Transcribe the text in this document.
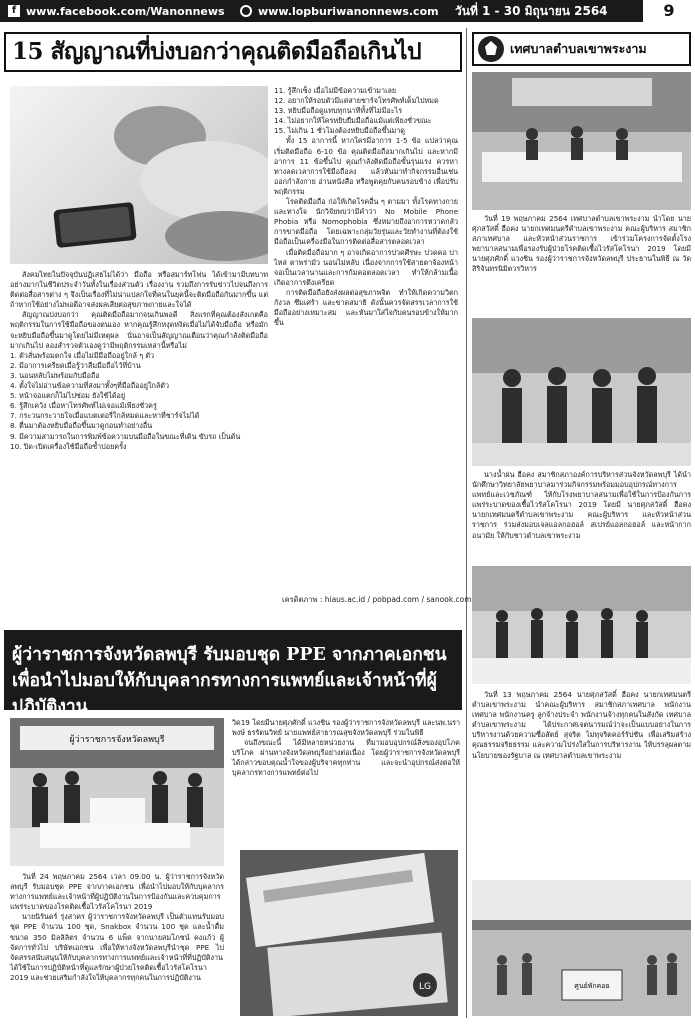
f www.facebook.com/Wanonnews	www.lopburiwanonnews.com วันที่ 1 - 30 มิถุนายน 2564	9
15 สัญญาณที่บ่งบอกว่าคุณติดมือถือเกินไป

สังคมไทยในปัจจุบันปฏิเสธไม่ได้ว่า มือถือ หรือสมาร์ทโฟน ได้เข้ามามีบทบาทอย่างมากในชีวิตประจำวันทั้งในเรื่องส่วนตัว เรื่องงาน รวมถึงการรับข่าวไปจนถึงการติดต่อสื่อสารต่าง ๆ จึงเป็นเรื่องที่ไม่น่าแปลกใจที่คนในยุคนี้จะติดมือถือกันมากขึ้น แต่ถ้าหากใช้อย่างไม่พอดีอาจส่งผลเสียต่อสุขภาพกายและใจได้

สัญญาณบ่งบอกว่า คุณติดมือถือมากจนเกินพอดี สิ่งแรกที่คุณต้องสังเกตคือพฤติกรรมในการใช้มือถือของตนเอง หากคุณรู้สึกหงุดหงิดเมื่อไม่ได้จับมือถือ หรือมักจะหยิบมือถือขึ้นมาดูโดยไม่มีเหตุผล นั่นอาจเป็นสัญญาณเตือนว่าคุณกำลังติดมือถือมากเกินไป ลองสำรวจตัวเองดูว่ามีพฤติกรรมเหล่านี้หรือไม่

1. ตัวสั่นพร้อมตกใจ เมื่อไม่มีมือถืออยู่ใกล้ ๆ ตัว

2. มีอาการเครียดเมื่อรู้ว่าลืมมือถือไว้ที่บ้าน

3. นอนหลับไม่พร้อมกับมือถือ

4. ตั้งใจไม่อ่านข้อความที่ส่งมาทั้งๆที่มือถืออยู่ใกล้ตัว

5. หน้าจอแตกก็ไม่ไปซ่อม ยังใช้ได้อยู่

6. รู้สึกเคว้ง เมื่อหาโทรศัพท์ไม่เจอแม้เพียงชั่วครู่

7. กระวนกระวายใจเมื่อแบตเตอรี่ใกล้หมดและหาที่ชาร์จไม่ได้

8. ตื่นมาต้องหยิบมือถือขึ้นมาดูก่อนทำอย่างอื่น

9. มีความสามารถในการพิมพ์ข้อความบนมือถือในขณะที่เดิน ขับรถ เป็นต้น

10. ปิด-เปิดเครื่องใช้มือถือซ้ำบ่อยครั้ง

11. รู้สึกเซ็ง เมื่อไม่มีข้อความเข้ามาเลย

12. อยากให้รอบตัวมีแต่สายชาร์จโทรศัพท์เต็มไปหมด

13. หยิบมือถือดูแทบทุกนาทีทั้งที่ไม่มีอะไร

14. ไม่อยากให้ใครหยิบยืมมือถือแม้แต่เพียงชั่วขณะ

15. ไม่เกิน 1 ชั่วโมงต้องหยิบมือถือขึ้นมาดู

ทั้ง 15 อาการนี้ หากใครมีอาการ 1-5 ข้อ แปลว่าคุณเริ่มติดมือถือ 6-10 ข้อ คุณติดมือถือมากเกินไป และหากมีอาการ 11 ข้อขึ้นไป คุณกำลังติดมือถือขั้นรุนแรง ควรหาทางลดเวลาการใช้มือถือลง แล้วหันมาทำกิจกรรมอื่นเช่น ออกกำลังกาย อ่านหนังสือ หรือพูดคุยกับคนรอบข้าง เพื่อปรับพฤติกรรม

โรคติดมือถือ ก่อให้เกิดโรคอื่น ๆ ตามมา ทั้งโรคทางกายและทางใจ นักวิจัยพบว่ามีคำว่า No Mobile Phone Phobia หรือ Nomophobia ซึ่งหมายถึงอาการหวาดกลัวการขาดมือถือ โดยเฉพาะกลุ่มวัยรุ่นและวัยทำงานที่ต้องใช้มือถือเป็นเครื่องมือในการติดต่อสื่อสารตลอดเวลา

เมื่อติดมือถือมาก ๆ อาจเกิดอาการปวดศีรษะ ปวดคอ บ่า ไหล่ ตาพร่ามัว นอนไม่หลับ เนื่องจากการใช้สายตาจ้องหน้าจอเป็นเวลานานและการก้มคอตลอดเวลา ทำให้กล้ามเนื้อเกิดอาการตึงเครียด

การติดมือถือยังส่งผลต่อสุขภาพจิต ทำให้เกิดความวิตกกังวล ซึมเศร้า และขาดสมาธิ ดังนั้นควรจัดสรรเวลาการใช้มือถืออย่างเหมาะสม และหันมาใส่ใจกับคนรอบข้างให้มากขึ้น

เครดิตภาพ : hiaus.ac.id / pobpad.com / sanook.com
ผู้ว่าราชการจังหวัดลพบุรี รับมอบชุด PPE จากภาคเอกชน เพื่อนำไปมอบให้กับบุคลากรทางการแพทย์และเจ้าหน้าที่ผู้ปฏิบัติงาน
ผู้ว่าราชการจังหวัดลพบุรี

วันที่ 24 พฤษภาคม 2564 เวลา 09.00 น. ผู้ว่าราชการจังหวัดลพบุรี รับมอบชุด PPE จากภาคเอกชน เพื่อนำไปมอบให้กับบุคลากรทางการแพทย์และเจ้าหน้าที่ผู้ปฏิบัติงานในการป้องกันและควบคุมการแพร่ระบาดของโรคติดเชื้อไวรัสโคโรนา 2019

นายนิรันดร์ รุ่งสาคร ผู้ว่าราชการจังหวัดลพบุรี เป็นตัวแทนรับมอบชุด PPE จำนวน 100 ชุด, Snakbox จำนวน 100 ชุด และน้ำดื่ม ขนาด 350 มิลลิลิตร จำนวน 6 แพ็ค จากนายสมโภชน์ คงแก้ว ผู้จัดการทั่วไป บริษัทเอกชน เพื่อให้ทางจังหวัดลพบุรีนำชุด PPE ไปจัดสรรสนับสนุนให้กับบุคลากรทางการแพทย์และเจ้าหน้าที่ที่ปฏิบัติงาน ได้ใช้ในการปฏิบัติหน้าที่ดูแลรักษาผู้ป่วยโรคติดเชื้อไวรัสโคโรนา 2019 และช่วยเสริมกำลังใจให้บุคลากรทุกคนในการปฏิบัติงาน

วิด19 โดยมีนายศุภศักดิ์ แวงชิน รองผู้ว่าราชการจังหวัดลพบุรี และนพ.นราพงษ์ ธรรัตนวิทย์ นายแพทย์สาธารณสุขจังหวัดลพบุรี ร่วมในพิธี

จนถึงขณะนี้ ได้มีหลายหน่วยงาน ที่มามอบอุปกรณ์สิ่งของอุปโภคบริโภค ผ่านทางจังหวัดลพบุรีอย่างต่อเนื่อง โดยผู้ว่าราชการจังหวัดลพบุรี ได้กล่าวขอบคุณน้ำใจของผู้บริจาคทุกท่าน และจะนำอุปกรณ์ส่งต่อให้บุคลากรทางการแพทย์ต่อไป

LG
เทศบาลตำบลเขาพระงาม

วันที่ 19 พฤษภาคม 2564 เทศบาลตำบลเขาพระงาม นำโดย นายศุภสวัสดิ์ ฮือคง นายกเทศมนตรีตำบลเขาพระงาม คณะผู้บริหาร สมาชิกสภาเทศบาล และหัวหน้าส่วนราชการ เข้าร่วมโครงการจัดตั้งโรงพยาบาลสนามเพื่อรองรับผู้ป่วยโรคติดเชื้อไวรัสโคโรนา 2019 โดยมี นายศุภศักดิ์ แวงชิน รองผู้ว่าราชการจังหวัดลพบุรี ประธานในพิธี ณ วัดสิริจันทรนิมิตวรวิหาร

นางน้ำฝน ฮือคง สมาชิกสภาองค์การบริหารส่วนจังหวัดลพบุรี ได้นำนักศึกษาวิทยาลัยพยาบาลมาร่วมกิจกรรมพร้อมมอบอุปกรณ์ทางการแพทย์และเวชภัณฑ์ ให้กับโรงพยาบาลสนามเพื่อใช้ในการป้องกันการแพร่ระบาดของเชื้อไวรัสโคโรนา 2019 โดยมี นายศุภสวัสดิ์ ฮือคง นายกเทศมนตรีตำบลเขาพระงาม คณะผู้บริหาร และหัวหน้าส่วนราชการ ร่วมส่งมอบเจลแอลกอฮอล์ สเปรย์แอลกอฮอล์ และหน้ากากอนามัย ให้กับชาวตำบลเขาพระงาม

วันที่ 13 พฤษภาคม 2564 นายศุภสวัสดิ์ ฮือคง นายกเทศมนตรีตำบลเขาพระงาม นำคณะผู้บริหาร สมาชิกสภาเทศบาล พนักงานเทศบาล พนักงานครู ลูกจ้างประจำ พนักงานจ้างทุกคนในสังกัด เทศบาลตำบลเขาพระงาม ได้ประกาศเจตนารมณ์ว่าจะเป็นแบบอย่างในการบริหารงานด้วยความซื่อสัตย์ สุจริต ไม่ทุจริตคอร์รัปชัน เพื่อเสริมสร้างคุณธรรมจริยธรรม และความโปร่งใสในการบริหารงาน ให้บรรลุผลตามนโยบายของรัฐบาล ณ เทศบาลตำบลเขาพระงาม

ศูนย์พักคอย
